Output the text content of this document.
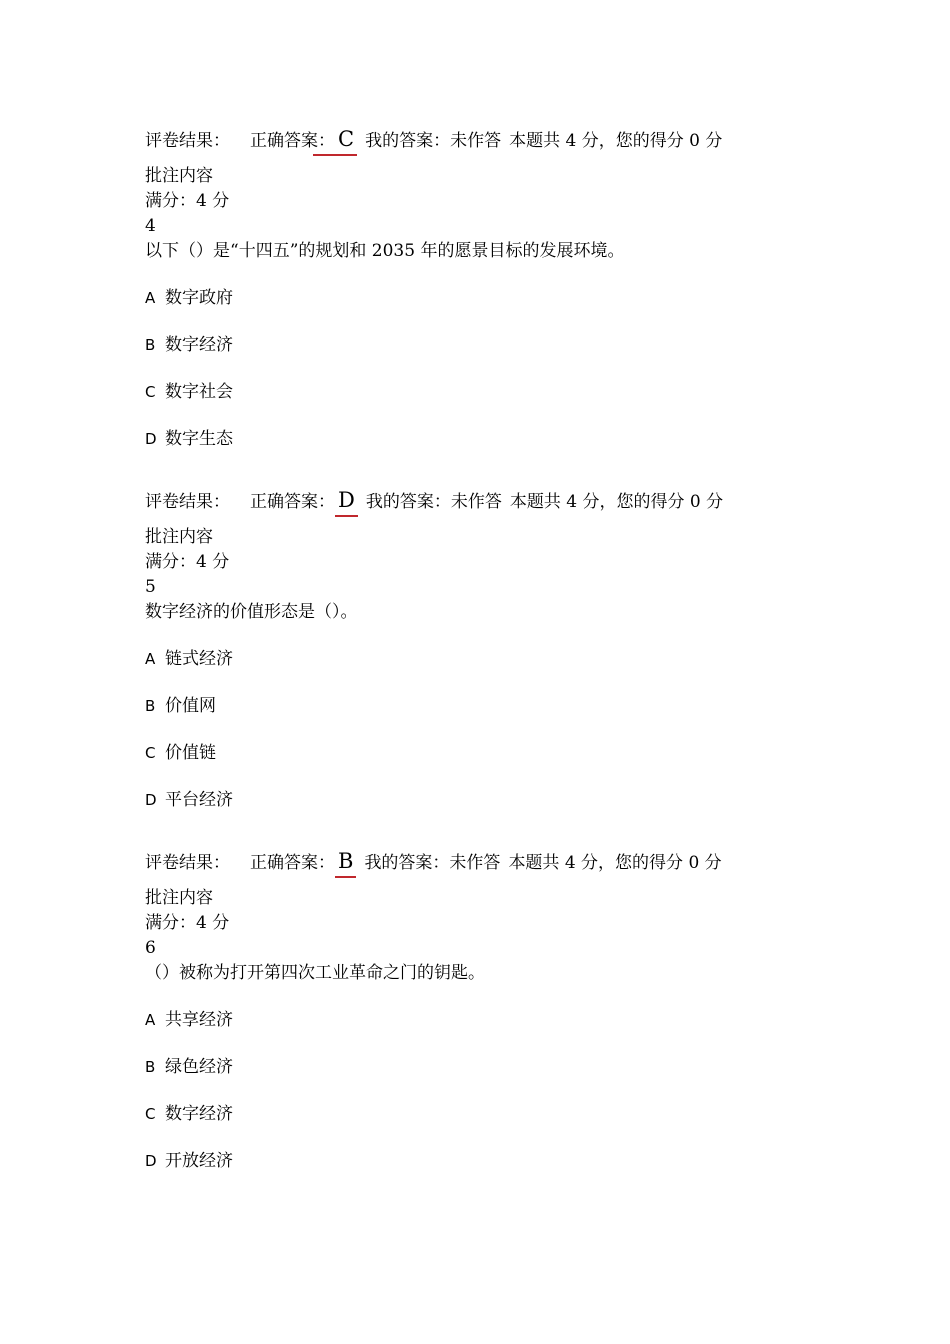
评卷结果： 正确答案： C 我的答案：未作答 本题共 4 分，您的得分 0 分
批注内容
满分：4 分
4
以下（）是“十四五”的规划和 2035 年的愿景目标的发展环境。
A 数字政府
B 数字经济
C 数字社会
D 数字生态
评卷结果： 正确答案： D 我的答案：未作答 本题共 4 分，您的得分 0 分
批注内容
满分：4 分
5
数字经济的价值形态是（）。
A 链式经济
B 价值网
C 价值链
D 平台经济
评卷结果： 正确答案： B 我的答案：未作答 本题共 4 分，您的得分 0 分
批注内容
满分：4 分
6
（）被称为打开第四次工业革命之门的钥匙。
A 共享经济
B 绿色经济
C 数字经济
D 开放经济
